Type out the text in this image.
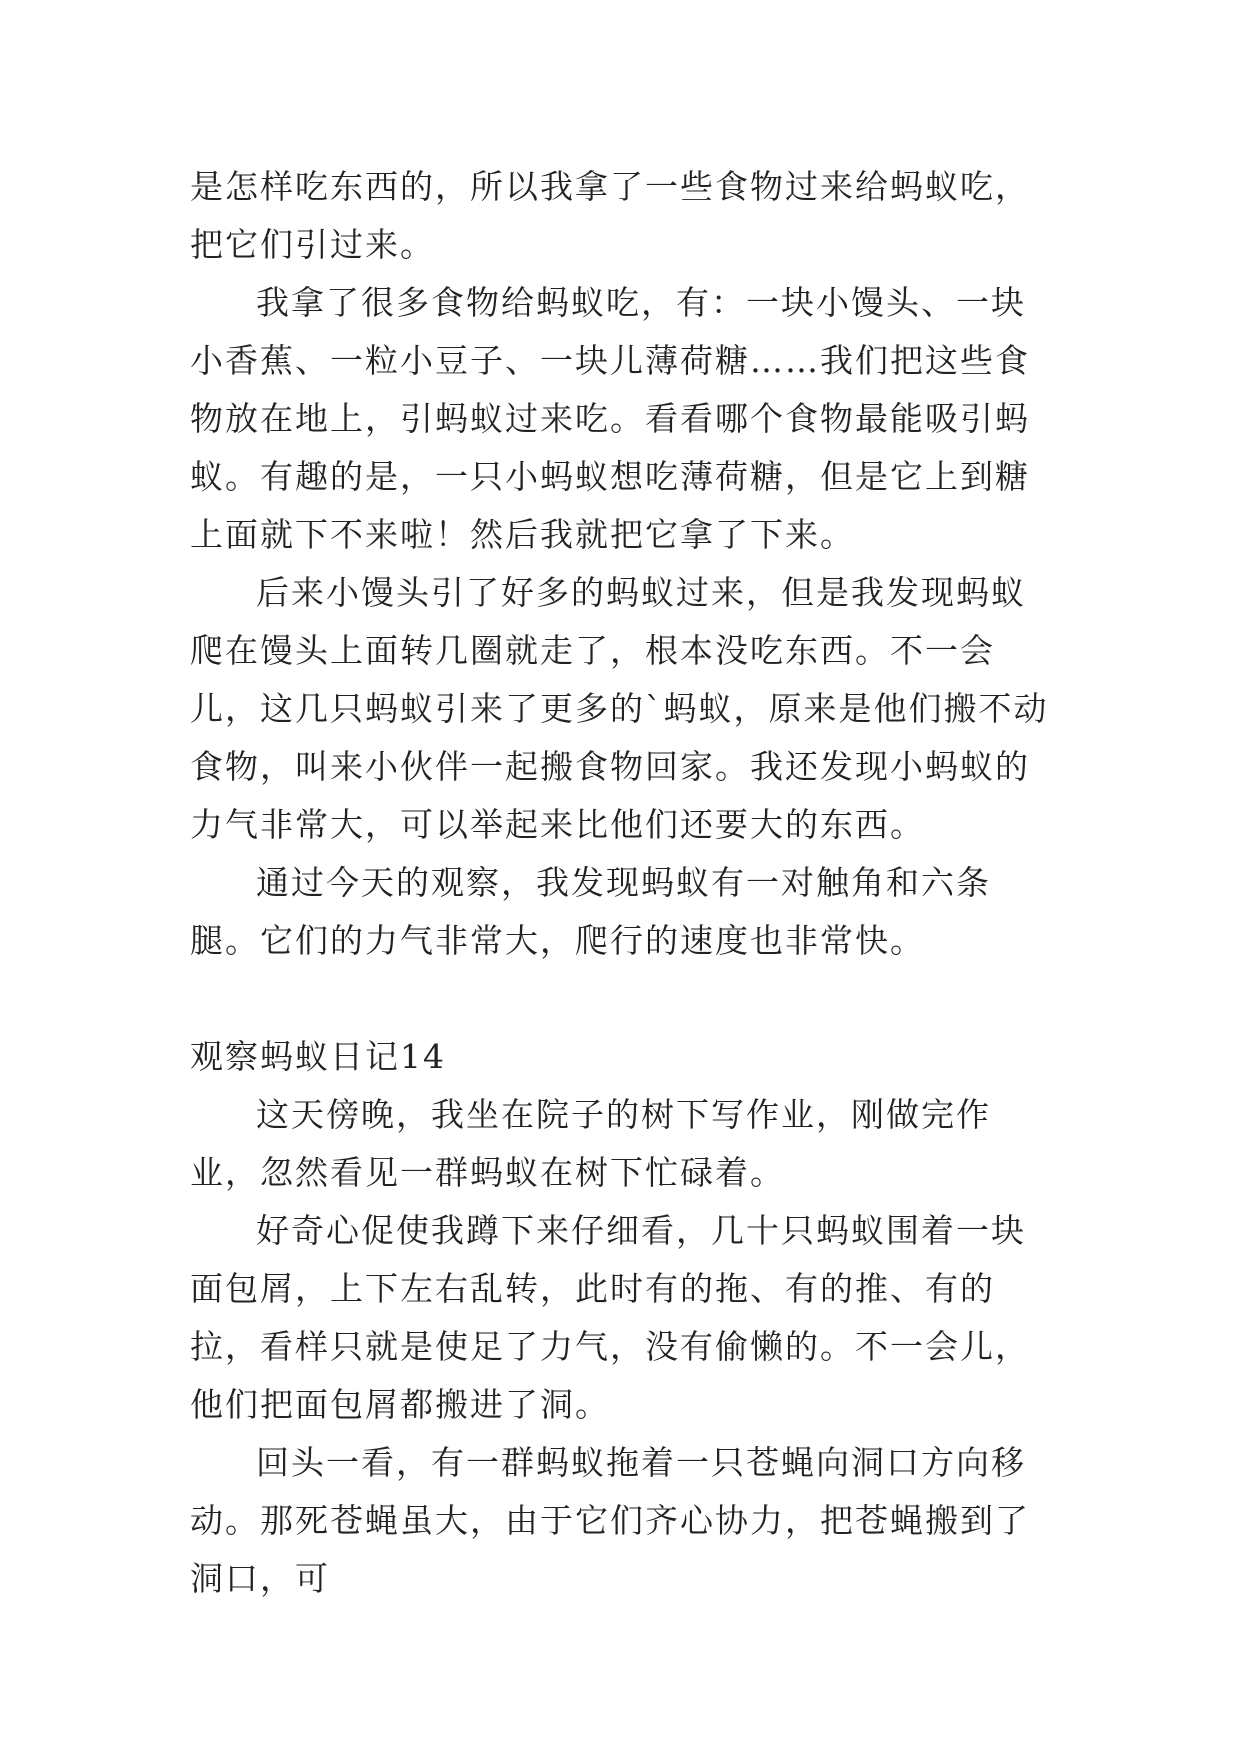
是怎样吃东西的，所以我拿了一些食物过来给蚂蚁吃，把它们引过来。

我拿了很多食物给蚂蚁吃，有：一块小馒头、一块小香蕉、一粒小豆子、一块儿薄荷糖……我们把这些食物放在地上，引蚂蚁过来吃。看看哪个食物最能吸引蚂蚁。有趣的是，一只小蚂蚁想吃薄荷糖，但是它上到糖上面就下不来啦！然后我就把它拿了下来。

后来小馒头引了好多的蚂蚁过来，但是我发现蚂蚁爬在馒头上面转几圈就走了，根本没吃东西。不一会儿，这几只蚂蚁引来了更多的`蚂蚁，原来是他们搬不动食物，叫来小伙伴一起搬食物回家。我还发现小蚂蚁的力气非常大，可以举起来比他们还要大的东西。

通过今天的观察，我发现蚂蚁有一对触角和六条腿。它们的力气非常大，爬行的速度也非常快。

观察蚂蚁日记14

这天傍晚，我坐在院子的树下写作业，刚做完作业，忽然看见一群蚂蚁在树下忙碌着。

好奇心促使我蹲下来仔细看，几十只蚂蚁围着一块面包屑，上下左右乱转，此时有的拖、有的推、有的拉，看样只就是使足了力气，没有偷懒的。不一会儿，他们把面包屑都搬进了洞。

回头一看，有一群蚂蚁拖着一只苍蝇向洞口方向移动。那死苍蝇虽大，由于它们齐心协力，把苍蝇搬到了洞口，可
